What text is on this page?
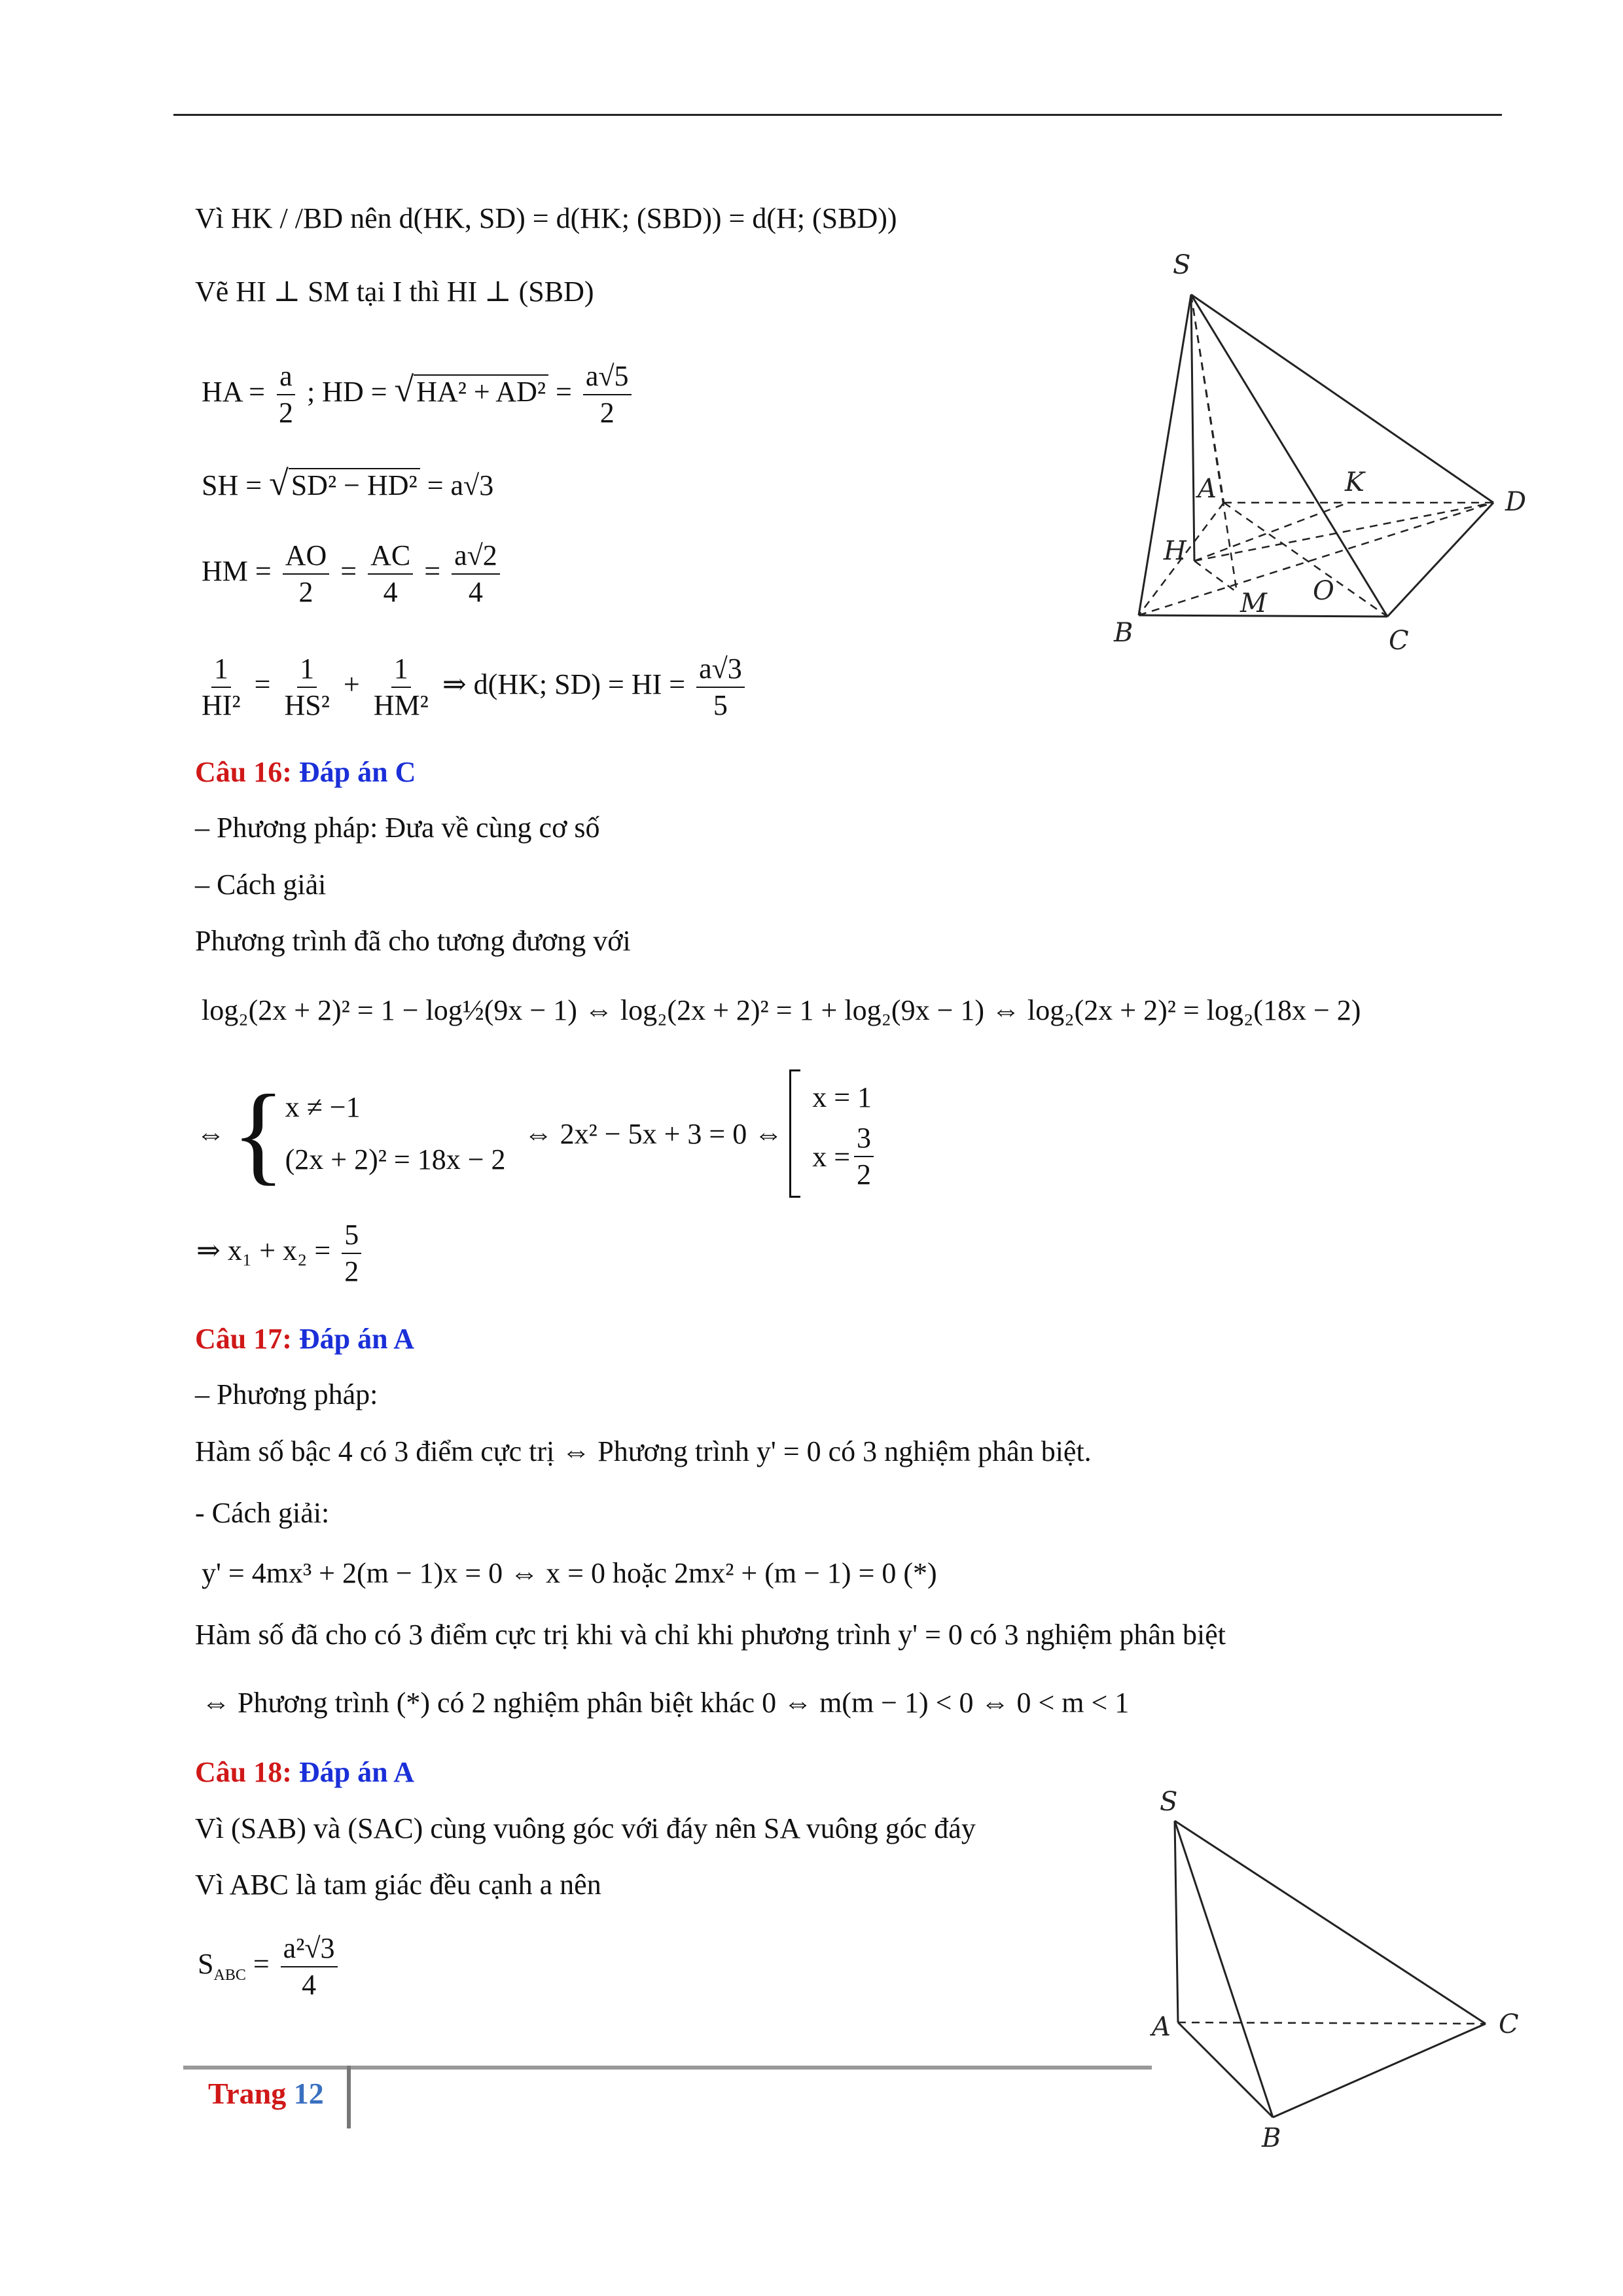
Vì HK / /BD nên d(HK, SD) = d(HK; (SBD)) = d(H; (SBD))
Vẽ HI ⊥ SM tại I thì HI ⊥ (SBD)
HA = $\frac{a}{2}$ ; HD = $√HA^2 + AD^2 = \frac{a√5}{2}$
SH = √SD² − HD² = a√3
HM = $\frac{AO}{2} = \frac{AC}{4} = \frac{a√2}{4}$
$\frac{1}{\text{HI²}} = \frac{1}{\text{HS²}} + \frac{1}{\text{HM²}}$ ⇒ d(HK; SD) = HI = $\frac{a√3}{5}$
S
A	K
D
H
M O
B	C
Câu 16: Đáp án C
– Phương pháp: Đưa về cùng cơ số
– Cách giải
Phương trình đã cho tương đương với
log₂(2x + 2)² = 1 − log½(9x − 1) ⇔ log₂(2x + 2)² = 1 + log₂(9x − 1) ⇔ log₂(2x + 2)² = log₂(18x − 2)
⇔ { x ≠ −1
(2x + 2)² = 18x − 2
⇔ 2x² − 5x + 3 = 0 ⇔
x = 1
$x = \frac{3}{2}$
⇒ $x_1 + x_2 = \frac{5}{2}$
Câu 17: Đáp án A
– Phương pháp:
Hàm số bậc 4 có 3 điểm cực trị ⇔ Phương trình y' = 0 có 3 nghiệm phân biệt.
- Cách giải:
y' = 4mx³ + 2(m − 1)x = 0 ⇔ x = 0 hoặc 2mx² + (m − 1) = 0 (*)
Hàm số đã cho có 3 điểm cực trị khi và chỉ khi phương trình y' = 0 có 3 nghiệm phân biệt
⇔ Phương trình (*) có 2 nghiệm phân biệt khác 0 ⇔ m(m − 1) < 0 ⇔ 0 < m < 1
Câu 18: Đáp án A
Vì (SAB) và (SAC) cùng vuông góc với đáy nên SA vuông góc đáy
Vì ABC là tam giác đều cạnh a nên
$S_{ABC} = \frac{\text{a²√3}}{4}$
S
A	C
B
Trang 12
